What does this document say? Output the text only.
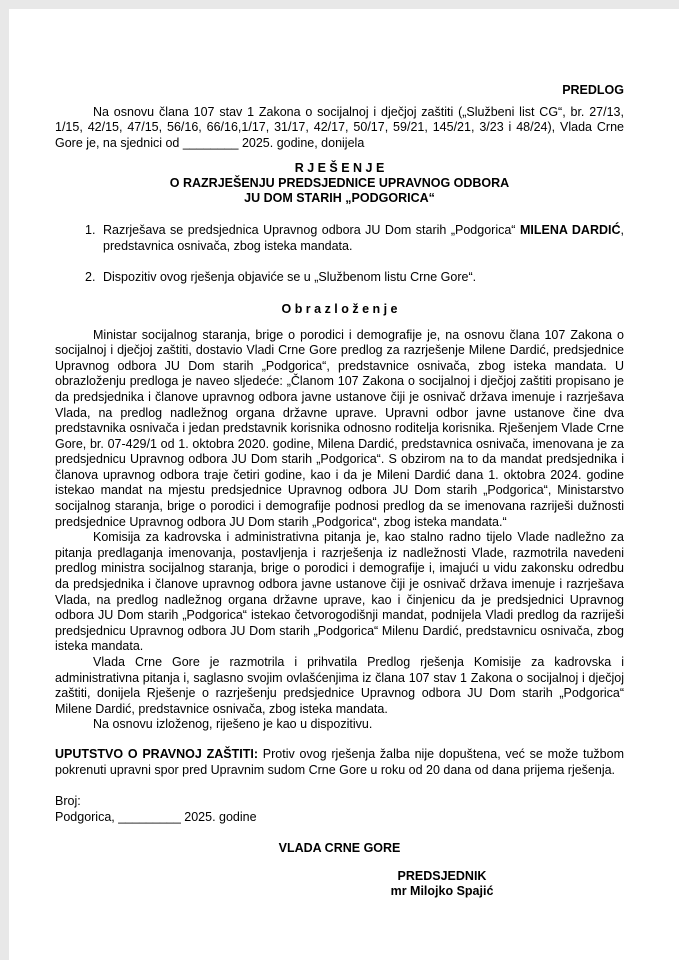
PREDLOG

Na osnovu člana 107 stav 1 Zakona o socijalnoj i dječjoj zaštiti („Službeni list CG“, br. 27/13, 1/15, 42/15, 47/15, 56/16, 66/16,1/17, 31/17, 42/17, 50/17, 59/21, 145/21, 3/23 i 48/24), Vlada Crne Gore je, na sjednici od ________ 2025. godine, donijela

R J E Š E N J E
O RAZRJEŠENJU PREDSJEDNICE UPRAVNOG ODBORA
JU DOM STARIH „PODGORICA“
1. Razrješava se predsjednica Upravnog odbora JU Dom starih „Podgorica“ MILENA DARDIĆ, predstavnica osnivača, zbog isteka mandata.
2. Dispozitiv ovog rješenja objaviće se u „Službenom listu Crne Gore“.
O b r a z l o ž e n j e

Ministar socijalnog staranja, brige o porodici i demografije je, na osnovu člana 107 Zakona o socijalnoj i dječjoj zaštiti, dostavio Vladi Crne Gore predlog za razrješenje Milene Dardić, predsjednice Upravnog odbora JU Dom starih „Podgorica“, predstavnice osnivača, zbog isteka mandata. U obrazloženju predloga je naveo sljedeće: „Članom 107 Zakona o socijalnoj i dječjoj zaštiti propisano je da predsjednika i članove upravnog odbora javne ustanove čiji je osnivač država imenuje i razrješava Vlada, na predlog nadležnog organa državne uprave. Upravni odbor javne ustanove čine dva predstavnika osnivača i jedan predstavnik korisnika odnosno roditelja korisnika. Rješenjem Vlade Crne Gore, br. 07-429/1 od 1. oktobra 2020. godine, Milena Dardić, predstavnica osnivača, imenovana je za predsjednicu Upravnog odbora JU Dom starih „Podgorica“. S obzirom na to da mandat predsjednika i članova upravnog odbora traje četiri godine, kao i da je Mileni Dardić dana 1. oktobra 2024. godine istekao mandat na mjestu predsjednice Upravnog odbora JU Dom starih „Podgorica“, Ministarstvo socijalnog staranja, brige o porodici i demografije podnosi predlog da se imenovana razriješi dužnosti predsjednice Upravnog odbora JU Dom starih „Podgorica“, zbog isteka mandata.“

Komisija za kadrovska i administrativna pitanja je, kao stalno radno tijelo Vlade nadležno za pitanja predlaganja imenovanja, postavljenja i razrješenja iz nadležnosti Vlade, razmotrila navedeni predlog ministra socijalnog staranja, brige o porodici i demografije i, imajući u vidu zakonsku odredbu da predsjednika i članove upravnog odbora javne ustanove čiji je osnivač država imenuje i razrješava Vlada, na predlog nadležnog organa državne uprave, kao i činjenicu da je predsjednici Upravnog odbora JU Dom starih „Podgorica“ istekao četvorogodišnji mandat, podnijela Vladi predlog da razriješi predsjednicu Upravnog odbora JU Dom starih „Podgorica“ Milenu Dardić, predstavnicu osnivača, zbog isteka mandata.

Vlada Crne Gore je razmotrila i prihvatila Predlog rješenja Komisije za kadrovska i administrativna pitanja i, saglasno svojim ovlašćenjima iz člana 107 stav 1 Zakona o socijalnoj i dječjoj zaštiti, donijela Rješenje o razrješenju predsjednice Upravnog odbora JU Dom starih „Podgorica“ Milene Dardić, predstavnice osnivača, zbog isteka mandata.

Na osnovu izloženog, riješeno je kao u dispozitivu.

UPUTSTVO O PRAVNOJ ZAŠTITI: Protiv ovog rješenja žalba nije dopuštena, već se može tužbom pokrenuti upravni spor pred Upravnim sudom Crne Gore u roku od 20 dana od dana prijema rješenja.

Broj:
Podgorica, _________ 2025. godine
VLADA CRNE GORE
PREDSJEDNIK
mr Milojko Spajić
